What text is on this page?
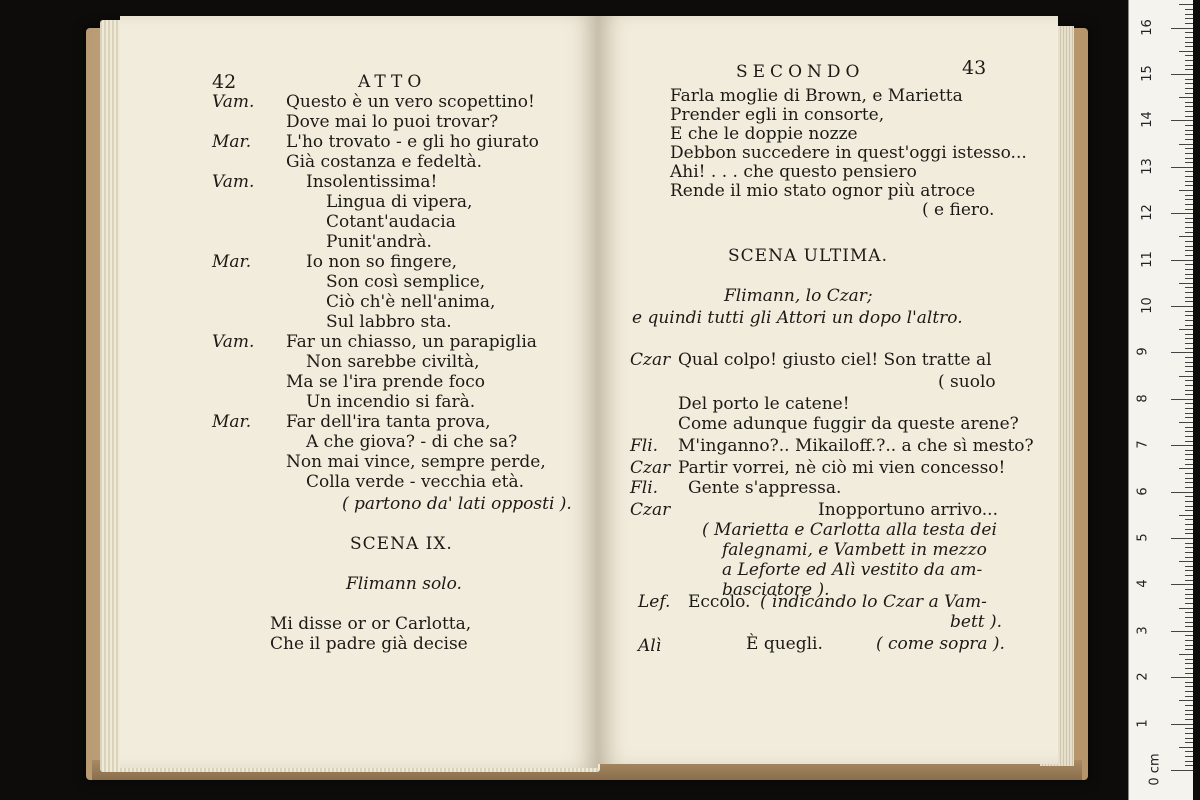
42	ATTO
Vam. Questo è un vero scopettino!
Dove mai lo puoi trovar?
Mar. L'ho trovato - e gli ho giurato
Già costanza e fedeltà.
Vam.	Insolentissima!
Lingua di vipera,
Cotant'audacia
Punit'andrà.
Mar.	Io non so fingere,
Son così semplice,
Ciò ch'è nell'anima,
Sul labbro sta.
Vam. Far un chiasso, un parapiglia
Non sarebbe civiltà,
Ma se l'ira prende foco
Un incendio si farà.
Mar. Far dell'ira tanta prova,
A che giova? - di che sa?
Non mai vince, sempre perde,
Colla verde - vecchia età.
( partono da' lati opposti ).
SCENA IX.
Flimann solo.
Mi disse or or Carlotta,
Che il padre già decise
SECONDO	43
Farla moglie di Brown, e Marietta
Prender egli in consorte,
E che le doppie nozze
Debbon succedere in quest'oggi istesso...
Ahi! . . . che questo pensiero
Rende il mio stato ognor più atroce
( e fiero.
SCENA ULTIMA.
Flimann, lo Czar;
e quindi tutti gli Attori un dopo l'altro.
Czar Qual colpo! giusto ciel! Son tratte al
( suolo
Del porto le catene!
Come adunque fuggir da queste arene?
Fli. M'inganno?.. Mikailoff.?.. a che sì mesto?
Czar Partir vorrei, nè ciò mi vien concesso!
Fli. Gente s'appressa.
Czar	Inopportuno arrivo...
( Marietta e Carlotta alla testa dei
falegnami, e Vambett in mezzo
a Leforte ed Alì vestito da am-
basciatore ).
Lef. Eccolo. ( indicando lo Czar a Vam-
bett ).
Alì	È quegli.	( come sopra ).
0 cm
1
2
3
4
5
6
7
8
9
10
11
12
13
14
15
16
